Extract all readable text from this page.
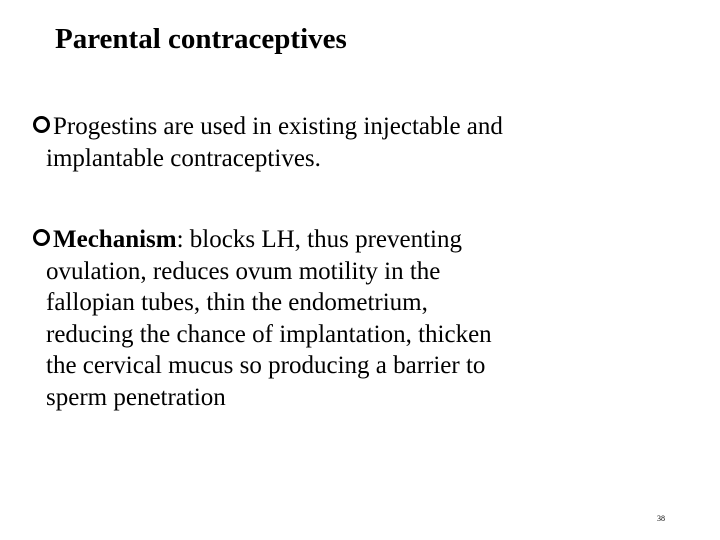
Parental contraceptives
Progestins are used in existing injectable and
implantable contraceptives.
Mechanism: blocks LH, thus preventing
ovulation, reduces ovum motility in the
fallopian tubes, thin the endometrium,
reducing the chance of implantation, thicken
the cervical mucus so producing a barrier to
sperm penetration
38
